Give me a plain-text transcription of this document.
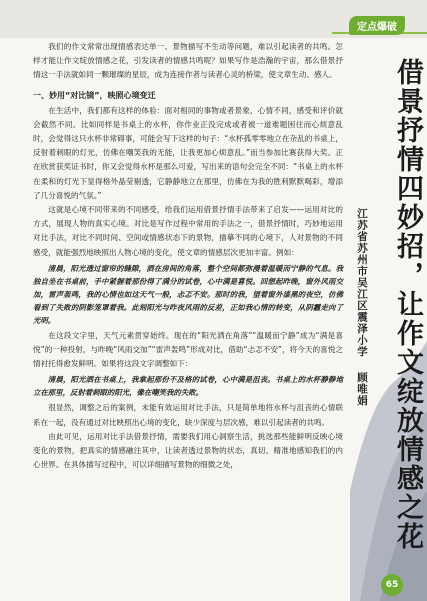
定点爆破

我们的作文常常出现情感表达单一、景物描写不生动等问题，难以引起读者的共鸣。怎样才能让作文绽放情感之花，引发读者的情感共鸣呢？如果写作是浩瀚的宇宙，那么借景抒情这一手法就如同一颗璀璨的星辰，成为连接作者与读者心灵的桥梁，使文章生动、感人。

一、妙用“对比镜”，映照心境变迁

在生活中，我们都有这样的体验：面对相同的事物或者景象，心情不同，感受和评价就会截然不同。比如同样是书桌上的水杯，你作业正没完成或者被一道难题困住而心烦意乱时，会觉得这只水杯非常碍事，可能会写下这样的句子：“水杯孤零零地立在杂乱的书桌上，反射着刺眼的灯光，仿佛在嘲笑我的无能，让我更加心烦意乱。”而当参加比赛获得大奖、正在欣赏获奖证书时，你又会觉得水杯是那么可爱，写出来的语句会完全不同：“书桌上的水杯在柔和的灯光下显得格外晶莹剔透，它静静地立在那里，仿佛在为我的胜利默默喝彩，增添了几分喜悦的气氛。”

这就是心境不同带来的不同感受，给我们运用借景抒情手法带来了启发——运用对比的方式，展现人物的真实心境。对比是写作过程中常用的手法之一，借景抒情时，巧妙地运用对比手法，对比不同时间、空间或情感状态下的景物，描摹不同的心境下，人对景物的不同感受，就能强烈地映照出人物心境的变化，使文章的情感层次更加丰富。例如：

清晨，阳光透过窗帘的缝隙，洒在房间的角落，整个空间都弥漫着温暖而宁静的气息。我独自坐在书桌前，手中紧握着那份得了满分的试卷，心中满是喜悦。回想起昨晚，窗外风雨交加，雷声轰鸣，我的心情也如这天气一般，忐忑不安。那时的我，望着窗外漆黑的夜空，仿佛看到了失败的阴影笼罩着我。此刻阳光与昨夜风雨的反差，正如我心情的转变，从阴霾走向了光明。

在这段文字里，天气元素贯穿始终。现在的“阳光洒在角落”“温暖而宁静”成为“满是喜悦”的一种投射，与昨晚“风雨交加”“雷声轰鸣”形成对比，借助“忐忑不安”，将今天的喜悦之情衬托得愈发鲜明。如果将这段文字调整如下：

清晨，阳光洒在书桌上，我拿起那份不及格的试卷，心中满是沮丧。书桌上的水杯静静地立在那里，反射着刺眼的阳光，像在嘲笑我的失败。

很显然，调整之后的案例，未能有效运用对比手法，只是简单地将水杯与沮丧的心情联系在一起，没有通过对比映照出心境的变化，缺少深度与层次感，难以引起读者的共鸣。

由此可见，运用对比手法借景抒情，需要我们用心洞察生活，挑选那些能鲜明反映心境变化的景物，把真实的情感融注其中，让读者透过景物的状态，真切、精准地感知我们的内心世界。在具体描写过程中，可以详细描写景物的细微之处，	借景抒情四妙招，让作文绽放情感之花
江苏省苏州市吴江区震泽小学 顾唯娟
65
